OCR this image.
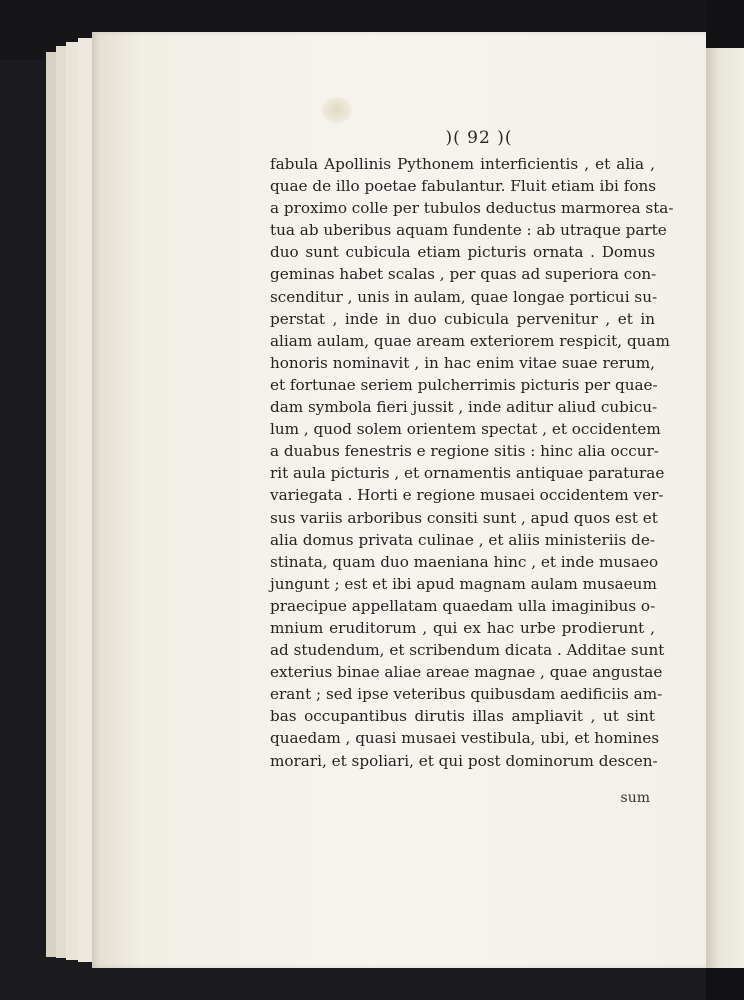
)( 92 )(
fabula Apollinis Pythonem interficientis , et alia ,
quae de illo poetae fabulantur. Fluit etiam ibi fons
a proximo colle per tubulos deductus marmorea sta-
tua ab uberibus aquam fundente : ab utraque parte
duo sunt cubicula etiam picturis ornata . Domus
geminas habet scalas , per quas ad superiora con-
scenditur , unis in aulam, quae longae porticui su-
perstat , inde in duo cubicula pervenitur , et in
aliam aulam, quae aream exteriorem respicit, quam
honoris nominavit , in hac enim vitae suae rerum,
et fortunae seriem pulcherrimis picturis per quae-
dam symbola fieri jussit , inde aditur aliud cubicu-
lum , quod solem orientem spectat , et occidentem
a duabus fenestris e regione sitis : hinc alia occur-
rit aula picturis , et ornamentis antiquae paraturae
variegata . Horti e regione musaei occidentem ver-
sus variis arboribus consiti sunt , apud quos est et
alia domus privata culinae , et aliis ministeriis de-
stinata, quam duo maeniana hinc , et inde musaeo
jungunt ; est et ibi apud magnam aulam musaeum
praecipue appellatam quaedam ulla imaginibus o-
mnium eruditorum , qui ex hac urbe prodierunt ,
ad studendum, et scribendum dicata . Additae sunt
exterius binae aliae areae magnae , quae angustae
erant ; sed ipse veteribus quibusdam aedificiis am-
bas occupantibus dirutis illas ampliavit , ut sint
quaedam , quasi musaei vestibula, ubi, et homines
morari, et spoliari, et qui post dominorum descen-
sum
